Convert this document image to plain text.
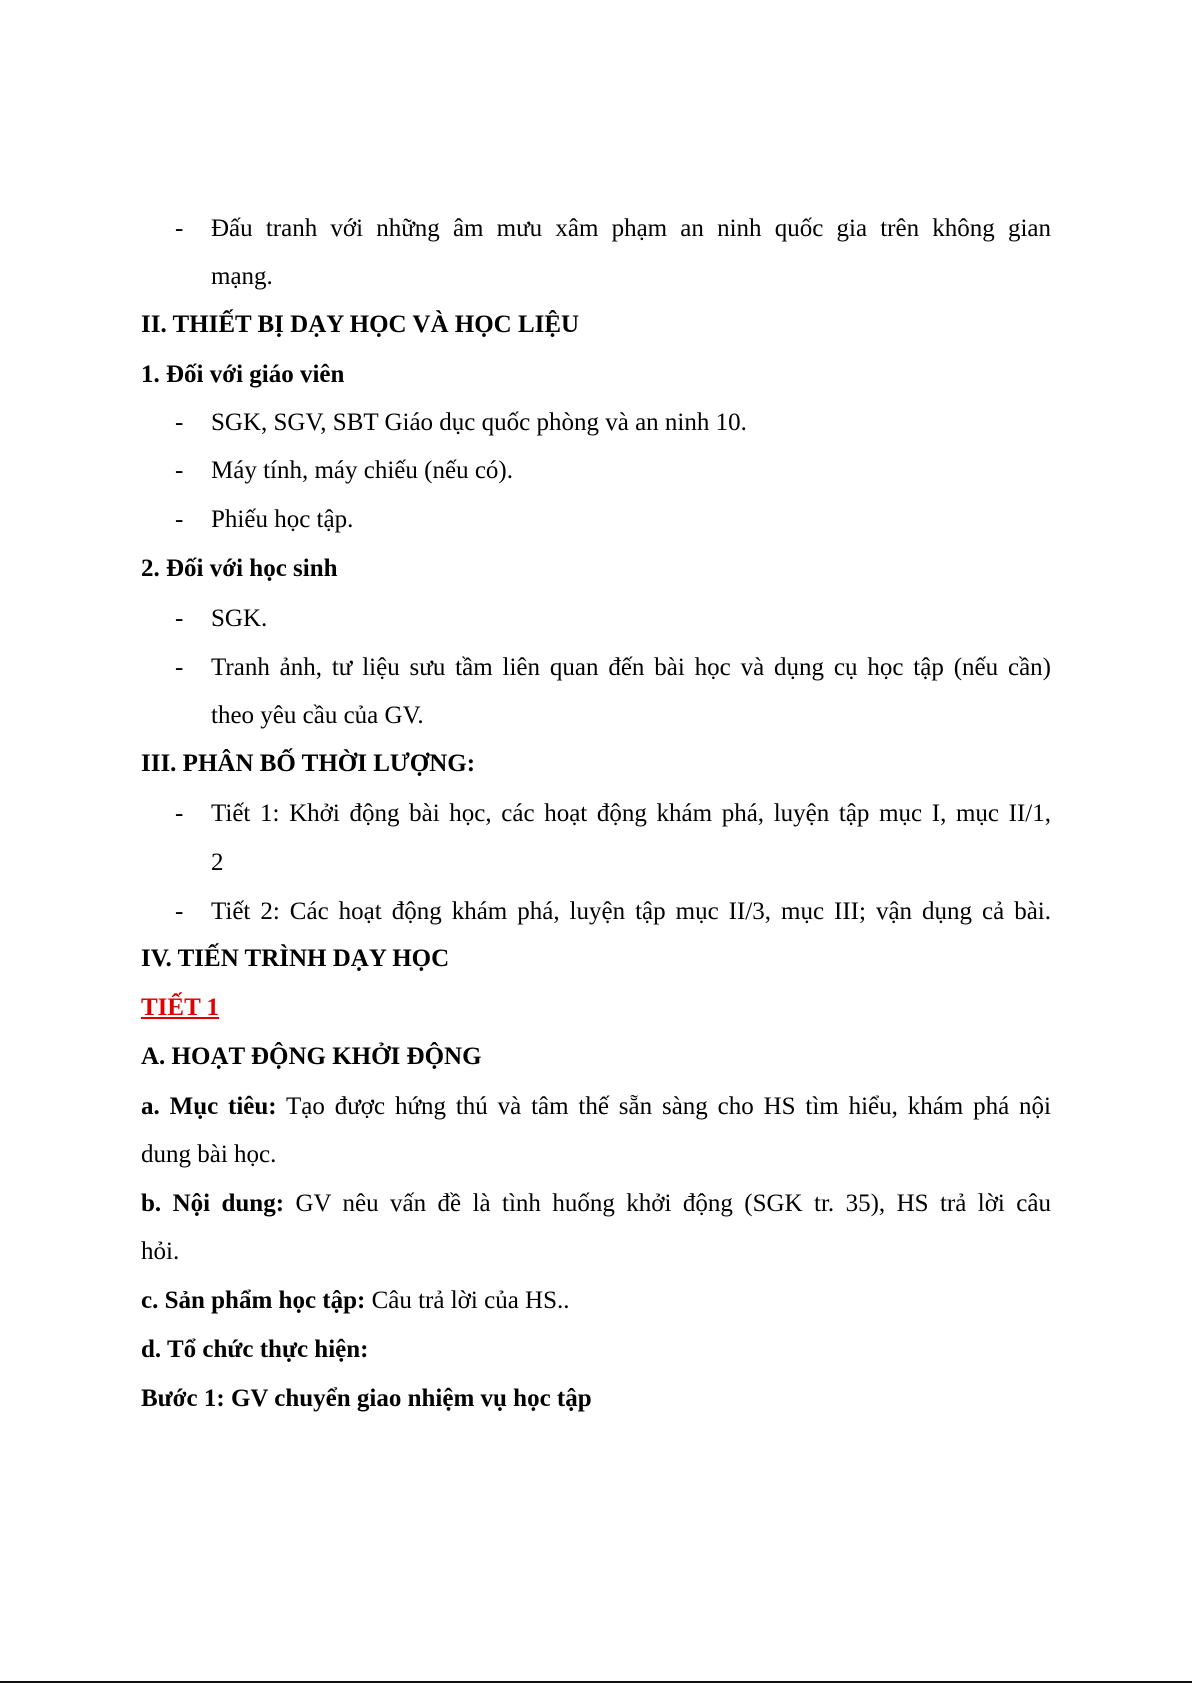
- Đấu tranh với những âm mưu xâm phạm an ninh quốc gia trên không gian
mạng.
II. THIẾT BỊ DẠY HỌC VÀ HỌC LIỆU
1. Đối với giáo viên
- SGK, SGV, SBT Giáo dục quốc phòng và an ninh 10.
- Máy tính, máy chiếu (nếu có).
- Phiếu học tập.
2. Đối với học sinh
- SGK.
- Tranh ảnh, tư liệu sưu tầm liên quan đến bài học và dụng cụ học tập (nếu cần)
theo yêu cầu của GV.
III. PHÂN BỐ THỜI LƯỢNG:
- Tiết 1: Khởi động bài học, các hoạt động khám phá, luyện tập mục I, mục II/1,
2
- Tiết 2: Các hoạt động khám phá, luyện tập mục II/3, mục III; vận dụng cả bài.
IV. TIẾN TRÌNH DẠY HỌC
TIẾT 1
A. HOẠT ĐỘNG KHỞI ĐỘNG
a. Mục tiêu: Tạo được hứng thú và tâm thế sẵn sàng cho HS tìm hiểu, khám phá nội
dung bài học.
b. Nội dung: GV nêu vấn đề là tình huống khởi động (SGK tr. 35), HS trả lời câu
hỏi.
c. Sản phẩm học tập: Câu trả lời của HS..
d. Tổ chức thực hiện:
Bước 1: GV chuyển giao nhiệm vụ học tập
